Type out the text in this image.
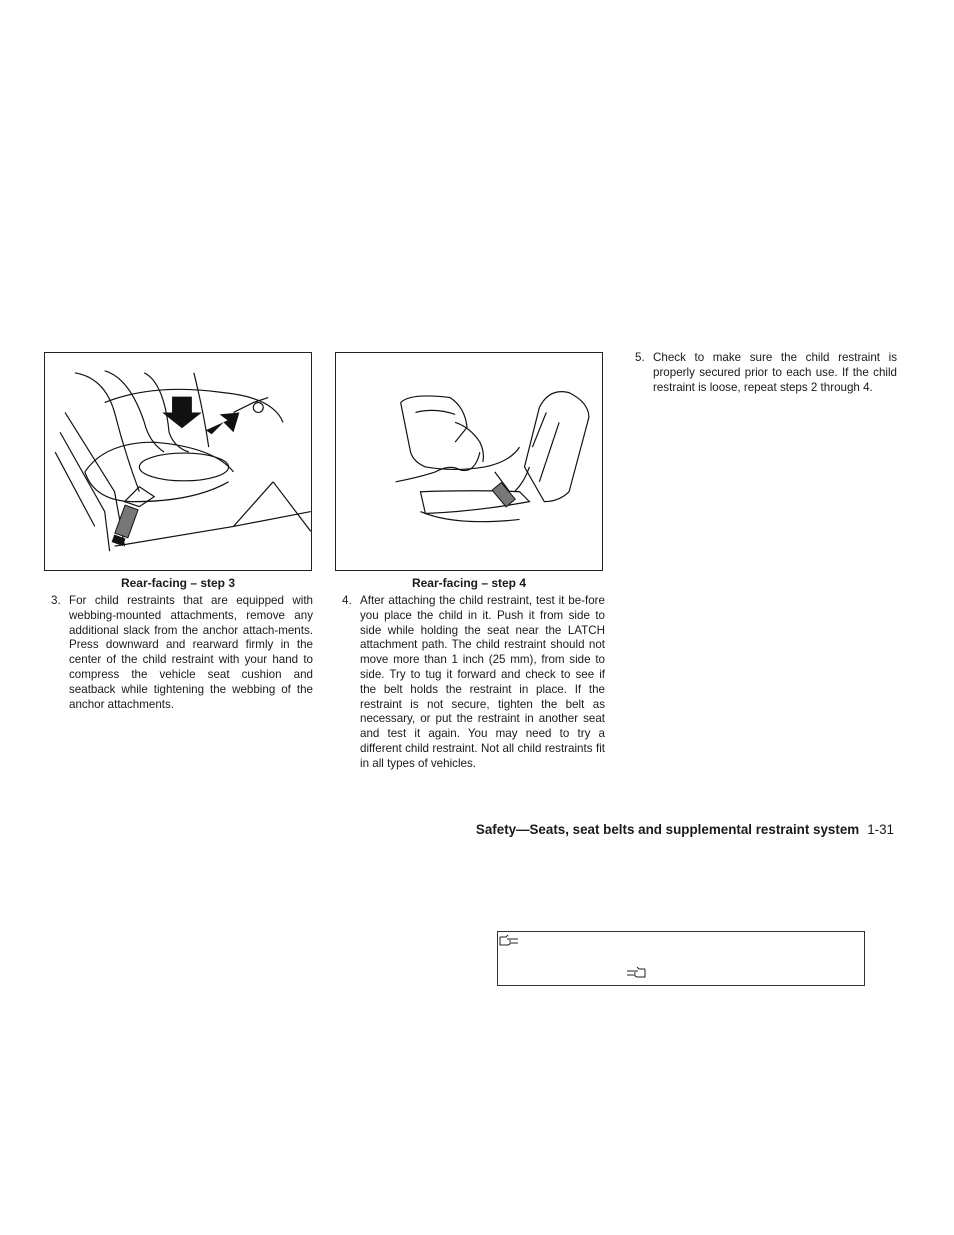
Rear-facing – step 3	Rear-facing – step 4
3. For child restraints that are equipped with webbing-mounted attachments, remove any additional slack from the anchor attach-ments. Press downward and rearward firmly in the center of the child restraint with your hand to compress the vehicle seat cushion and seatback while tightening the webbing of the anchor attachments.
4. After attaching the child restraint, test it be-fore you place the child in it. Push it from side to side while holding the seat near the LATCH attachment path. The child restraint should not move more than 1 inch (25 mm), from side to side. Try to tug it forward and check to see if the belt holds the restraint in place. If the restraint is not secure, tighten the belt as necessary, or put the restraint in another seat and test it again. You may need to try a different child restraint. Not all child restraints fit in all types of vehicles.
5. Check to make sure the child restraint is properly secured prior to each use. If the child restraint is loose, repeat steps 2 through 4.
Safety—Seats, seat belts and supplemental restraint system 1-31
